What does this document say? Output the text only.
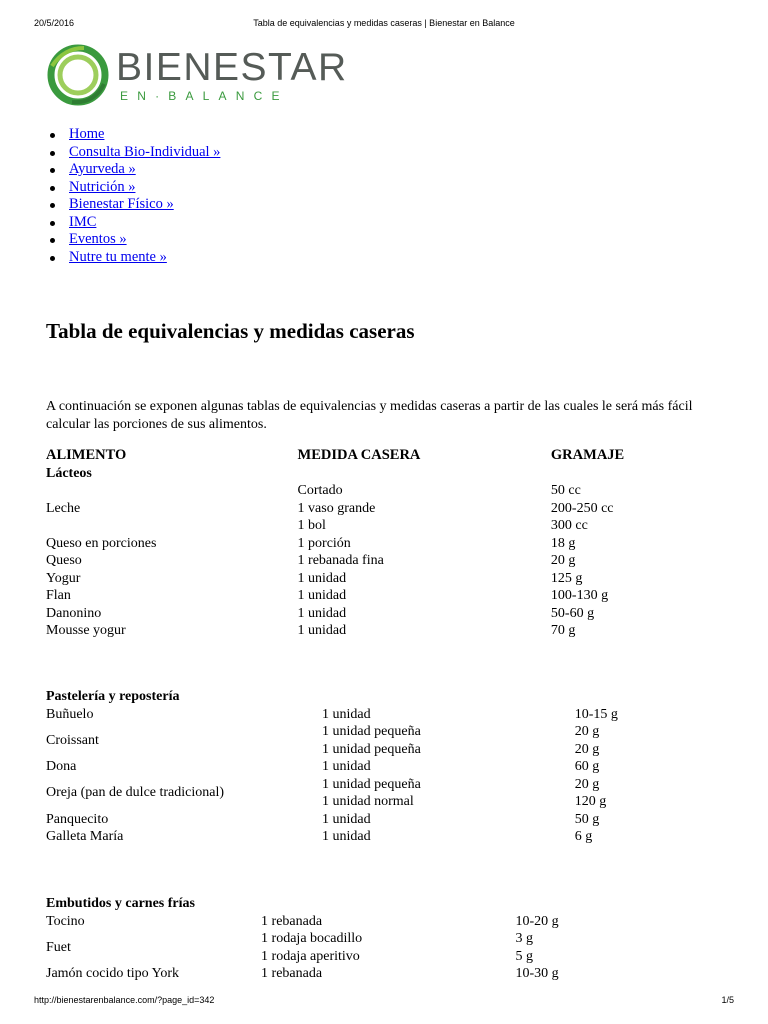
20/5/2016	Tabla de equivalencias y medidas caseras | Bienestar en Balance
BIENESTAR
EN·BALANCE
Home
Consulta Bio-Individual »
Ayurveda »
Nutrición »
Bienestar Físico »
IMC
Eventos »
Nutre tu mente »
Tabla de equivalencias y medidas caseras

A continuación se exponen algunas tablas de equivalencias y medidas caseras a partir de las cuales le será más fácil calcular las porciones de sus alimentos.

ALIMENTO	MEDIDA CASERA	GRAMAJE
Lácteos		
Leche	Cortado	50 cc
	1 vaso grande	200-250 cc
	1 bol	300 cc
Queso en porciones	1 porción	18 g
Queso	1 rebanada fina	20 g
Yogur	1 unidad	125 g
Flan	1 unidad	100-130 g
Danonino	1 unidad	50-60 g
Mousse yogur	1 unidad	70 g
Pastelería y repostería		
Buñuelo	1 unidad	10-15 g
Croissant	1 unidad pequeña	20 g
	1 unidad pequeña	20 g
Dona	1 unidad	60 g
Oreja (pan de dulce tradicional)	1 unidad pequeña	20 g
	1 unidad normal	120 g
Panquecito	1 unidad	50 g
Galleta María	1 unidad	6 g
Embutidos y carnes frías		
Tocino	1 rebanada	10-20 g
Fuet	1 rodaja bocadillo	3 g
	1 rodaja aperitivo	5 g
Jamón cocido tipo York	1 rebanada	10-30 g
http://bienestarenbalance.com/?page_id=342	1/5
